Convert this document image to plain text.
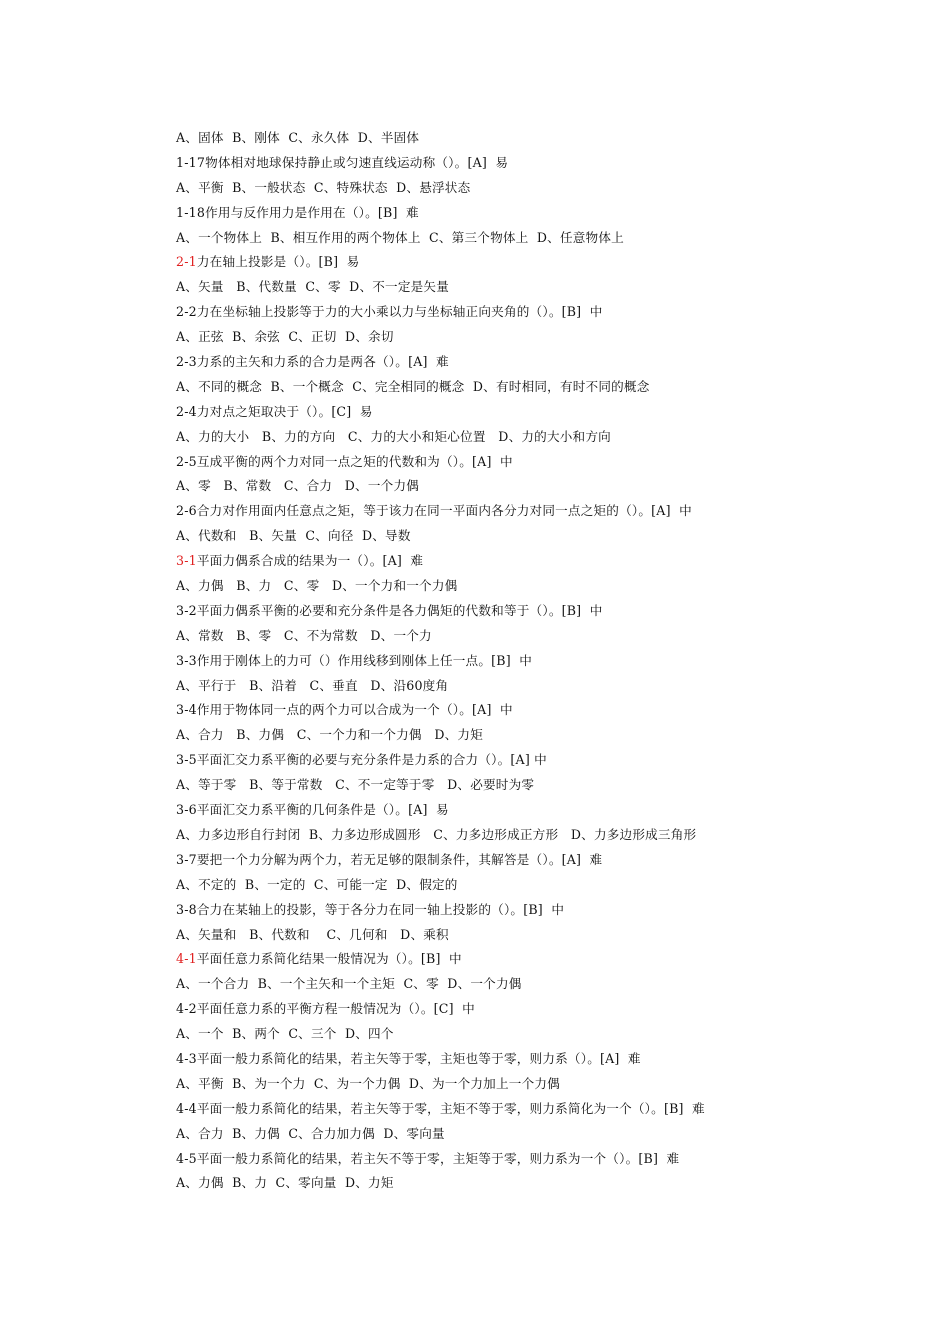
A、固体  B、刚体  C、永久体  D、半固体
1-17物体相对地球保持静止或匀速直线运动称（）。[A]  易
A、平衡  B、一般状态  C、特殊状态  D、悬浮状态
1-18作用与反作用力是作用在（）。[B]  难
A、一个物体上  B、相互作用的两个物体上  C、第三个物体上  D、任意物体上
2-1力在轴上投影是（）。[B]  易
A、矢量   B、代数量  C、零  D、不一定是矢量
2-2力在坐标轴上投影等于力的大小乘以力与坐标轴正向夹角的（）。[B]  中
A、正弦  B、余弦  C、正切  D、余切
2-3力系的主矢和力系的合力是两各（）。[A]  难
A、不同的概念  B、一个概念  C、完全相同的概念  D、有时相同，有时不同的概念
2-4力对点之矩取决于（）。[C]  易
A、力的大小   B、力的方向   C、力的大小和矩心位置   D、力的大小和方向
2-5互成平衡的两个力对同一点之矩的代数和为（）。[A]  中
A、零   B、常数   C、合力   D、一个力偶
2-6合力对作用面内任意点之矩，等于该力在同一平面内各分力对同一点之矩的（）。[A]  中
A、代数和   B、矢量  C、向径  D、导数
3-1平面力偶系合成的结果为一（）。[A]  难
A、力偶   B、力   C、零   D、一个力和一个力偶
3-2平面力偶系平衡的必要和充分条件是各力偶矩的代数和等于（）。[B]  中
A、常数   B、零   C、不为常数   D、一个力
3-3作用于刚体上的力可（）作用线移到刚体上任一点。[B]  中
A、平行于   B、沿着   C、垂直   D、沿60度角
3-4作用于物体同一点的两个力可以合成为一个（）。[A]  中
A、合力   B、力偶   C、一个力和一个力偶   D、力矩
3-5平面汇交力系平衡的必要与充分条件是力系的合力（）。[A] 中
A、等于零   B、等于常数   C、不一定等于零   D、必要时为零
3-6平面汇交力系平衡的几何条件是（）。[A]  易
A、力多边形自行封闭  B、力多边形成圆形   C、力多边形成正方形   D、力多边形成三角形
3-7要把一个力分解为两个力，若无足够的限制条件，其解答是（）。[A]  难
A、不定的  B、一定的  C、可能一定  D、假定的
3-8合力在某轴上的投影，等于各分力在同一轴上投影的（）。[B]  中
A、矢量和   B、代数和    C、几何和   D、乘积
4-1平面任意力系简化结果一般情况为（）。[B]  中
A、一个合力  B、一个主矢和一个主矩  C、零  D、一个力偶
4-2平面任意力系的平衡方程一般情况为（）。[C]  中
A、一个  B、两个  C、三个  D、四个
4-3平面一般力系简化的结果，若主矢等于零，主矩也等于零，则力系（）。[A]  难
A、平衡  B、为一个力  C、为一个力偶  D、为一个力加上一个力偶
4-4平面一般力系简化的结果，若主矢等于零，主矩不等于零，则力系简化为一个（）。[B]  难
A、合力  B、力偶  C、合力加力偶  D、零向量
4-5平面一般力系简化的结果，若主矢不等于零，主矩等于零，则力系为一个（）。[B]  难
A、力偶  B、力  C、零向量  D、力矩
